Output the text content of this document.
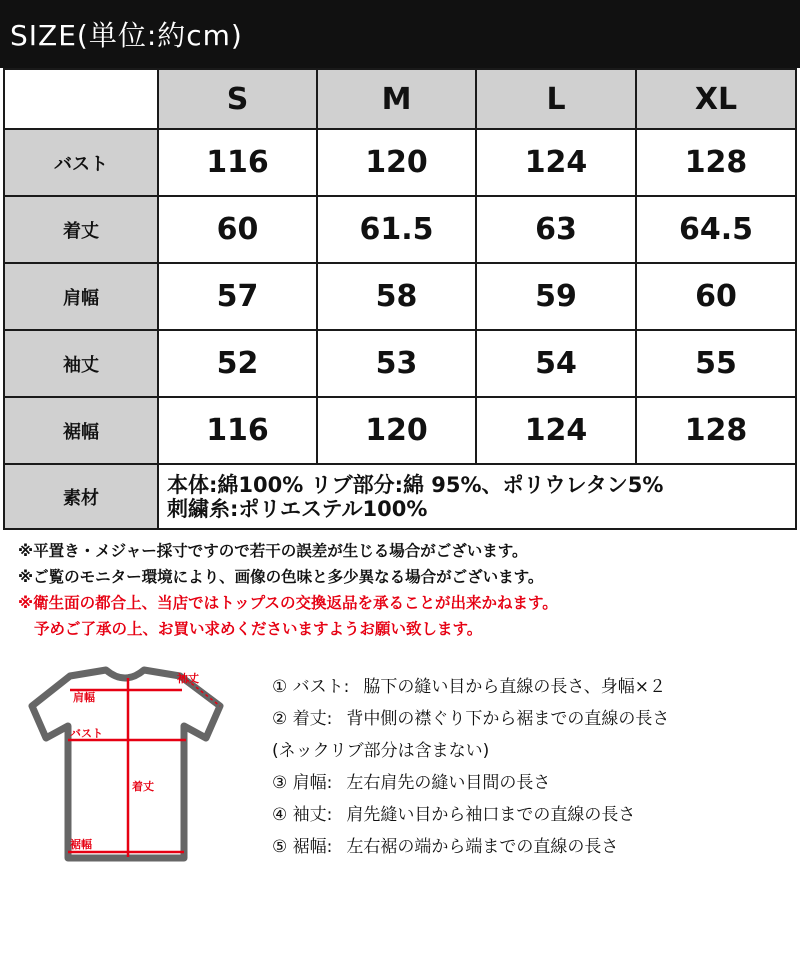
SIZE(単位:約cm)
	S	M	L	XL
バスト	116	120	124	128
着丈	60	61.5	63	64.5
肩幅	57	58	59	60
袖丈	52	53	54	55
裾幅	116	120	124	128
素材	本体:綿100% リブ部分:綿 95%、ポリウレタン5%
刺繍糸:ポリエステル100%			
※平置き・メジャー採寸ですので若干の誤差が生じる場合がございます。
※ご覧のモニター環境により、画像の色味と多少異なる場合がございます。
※衛生面の都合上、当店ではトップスの交換返品を承ることが出来かねます。
予めご了承の上、お買い求めくださいますようお願い致します。
袖丈
肩幅
バスト
着丈
裾幅
① バスト: 脇下の縫い目から直線の長さ、身幅×２
② 着丈: 背中側の襟ぐり下から裾までの直線の長さ
(ネックリブ部分は含まない)
③ 肩幅: 左右肩先の縫い目間の長さ
④ 袖丈: 肩先縫い目から袖口までの直線の長さ
⑤ 裾幅: 左右裾の端から端までの直線の長さ
